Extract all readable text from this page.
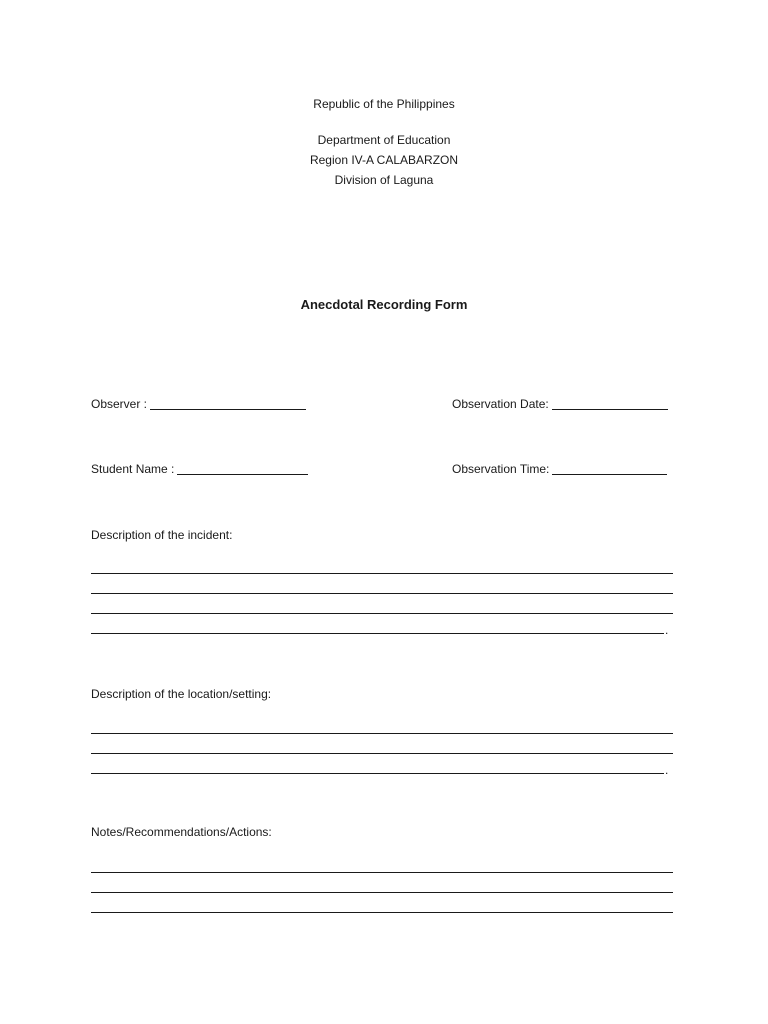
Republic of the Philippines
Department of Education
Region IV-A CALABARZON
Division of Laguna
Anecdotal Recording Form
Observer :	Observation Date:
Student Name :	Observation Time:
Description of the incident:
.
Description of the location/setting:
.
Notes/Recommendations/Actions:
